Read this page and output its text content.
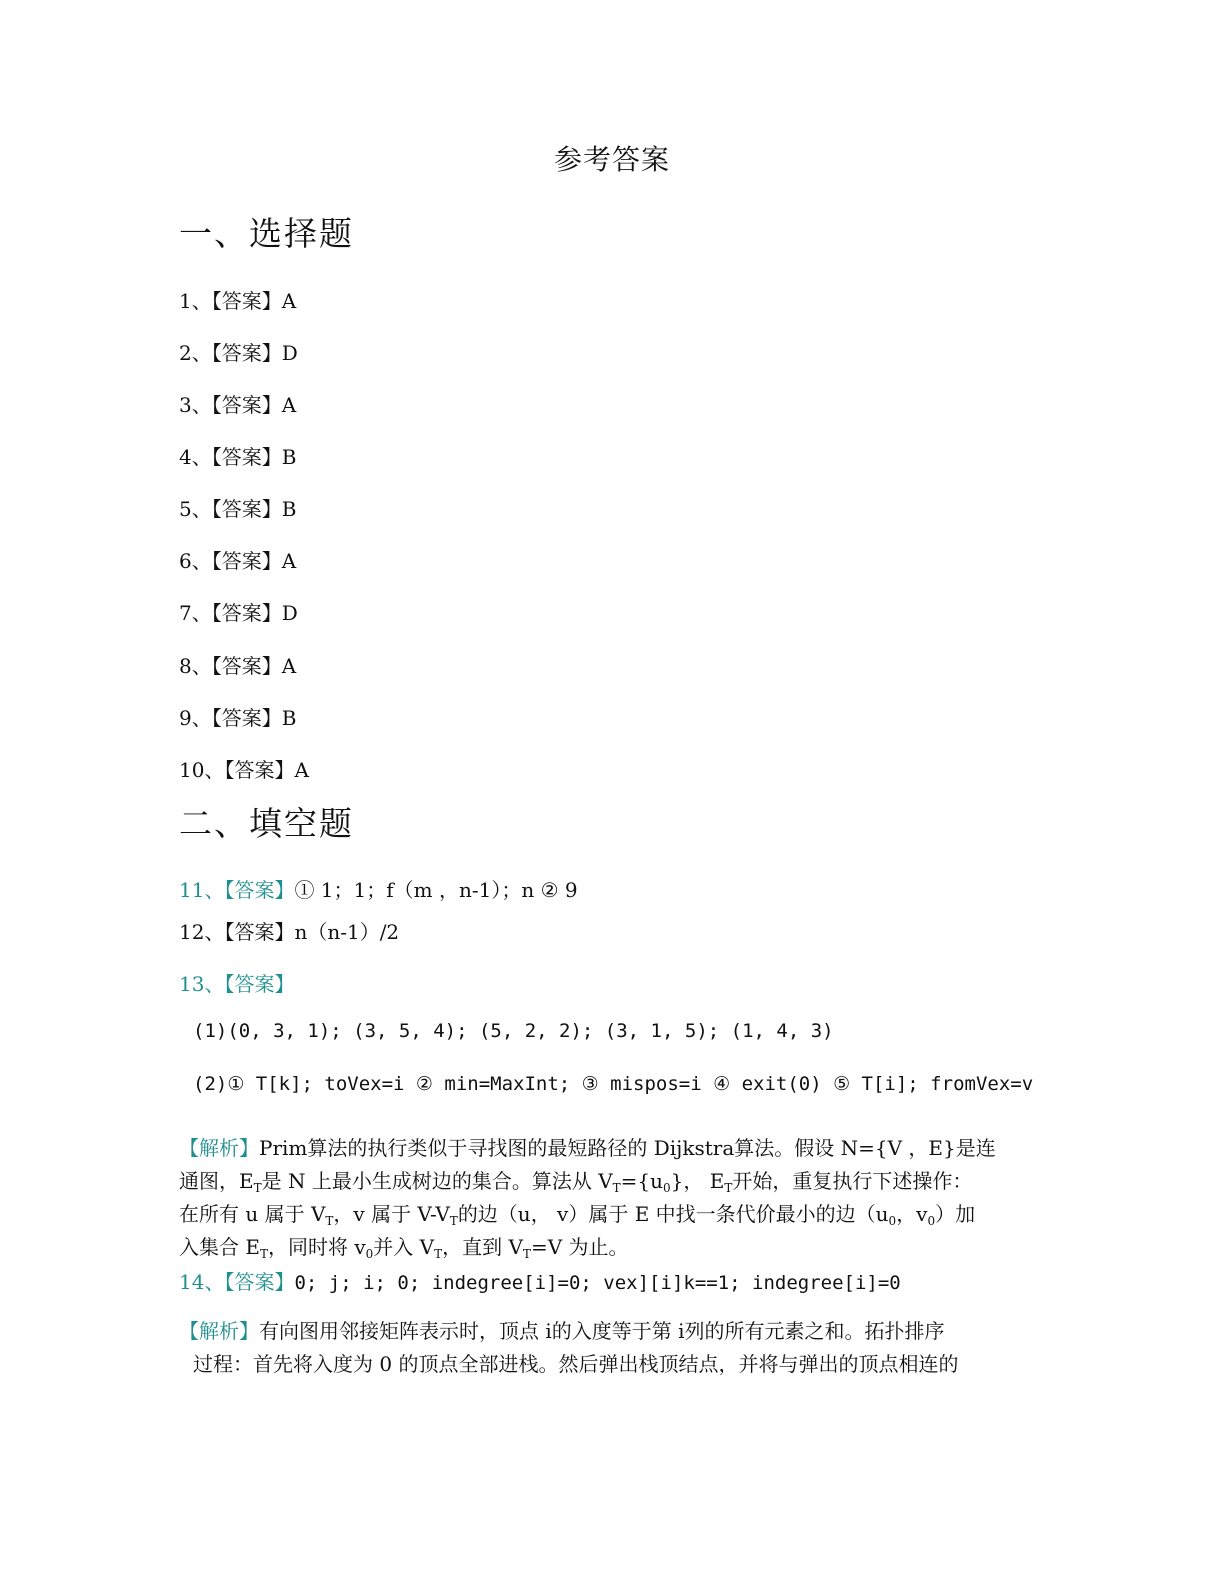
参考答案
一、选择题
1、【答案】A
2、【答案】D
3、【答案】A
4、【答案】B
5、【答案】B
6、【答案】A
7、【答案】D
8、【答案】A
9、【答案】B
10、【答案】A
二、填空题
11、【答案】① 1；1；f（m ，n-1）；n ② 9
12、【答案】n（n-1）/2
13、【答案】
(1)(0, 3, 1); (3, 5, 4); (5, 2, 2); (3, 1, 5); (1, 4, 3)
(2)① T[k]; toVex=i ② min=MaxInt; ③ mispos=i ④ exit(0) ⑤ T[i]; fromVex=v
【解析】Prim算法的执行类似于寻找图的最短路径的 Dijkstra算法。假设 N={V ，E}是连
通图，$E_T$是 N 上最小生成树边的集合。算法从 $V_T=\{u_0\}$， $E_T$开始，重复执行下述操作：
在所有 u 属于 $V_T$，v 属于 $V-V_T$的边（u， v）属于 E 中找一条代价最小的边（$u_0$，$v_0$）加
入集合 $E_T$，同时将 $v_0$并入 $V_T$，直到 $V_T=V$ 为止。
14、【答案】0; j; i; 0; indegree[i]=0; vex][i]k==1; indegree[i]=0
【解析】有向图用邻接矩阵表示时，顶点 i的入度等于第 i列的所有元素之和。拓扑排序
过程：首先将入度为 0 的顶点全部进栈。然后弹出栈顶结点，并将与弹出的顶点相连的
